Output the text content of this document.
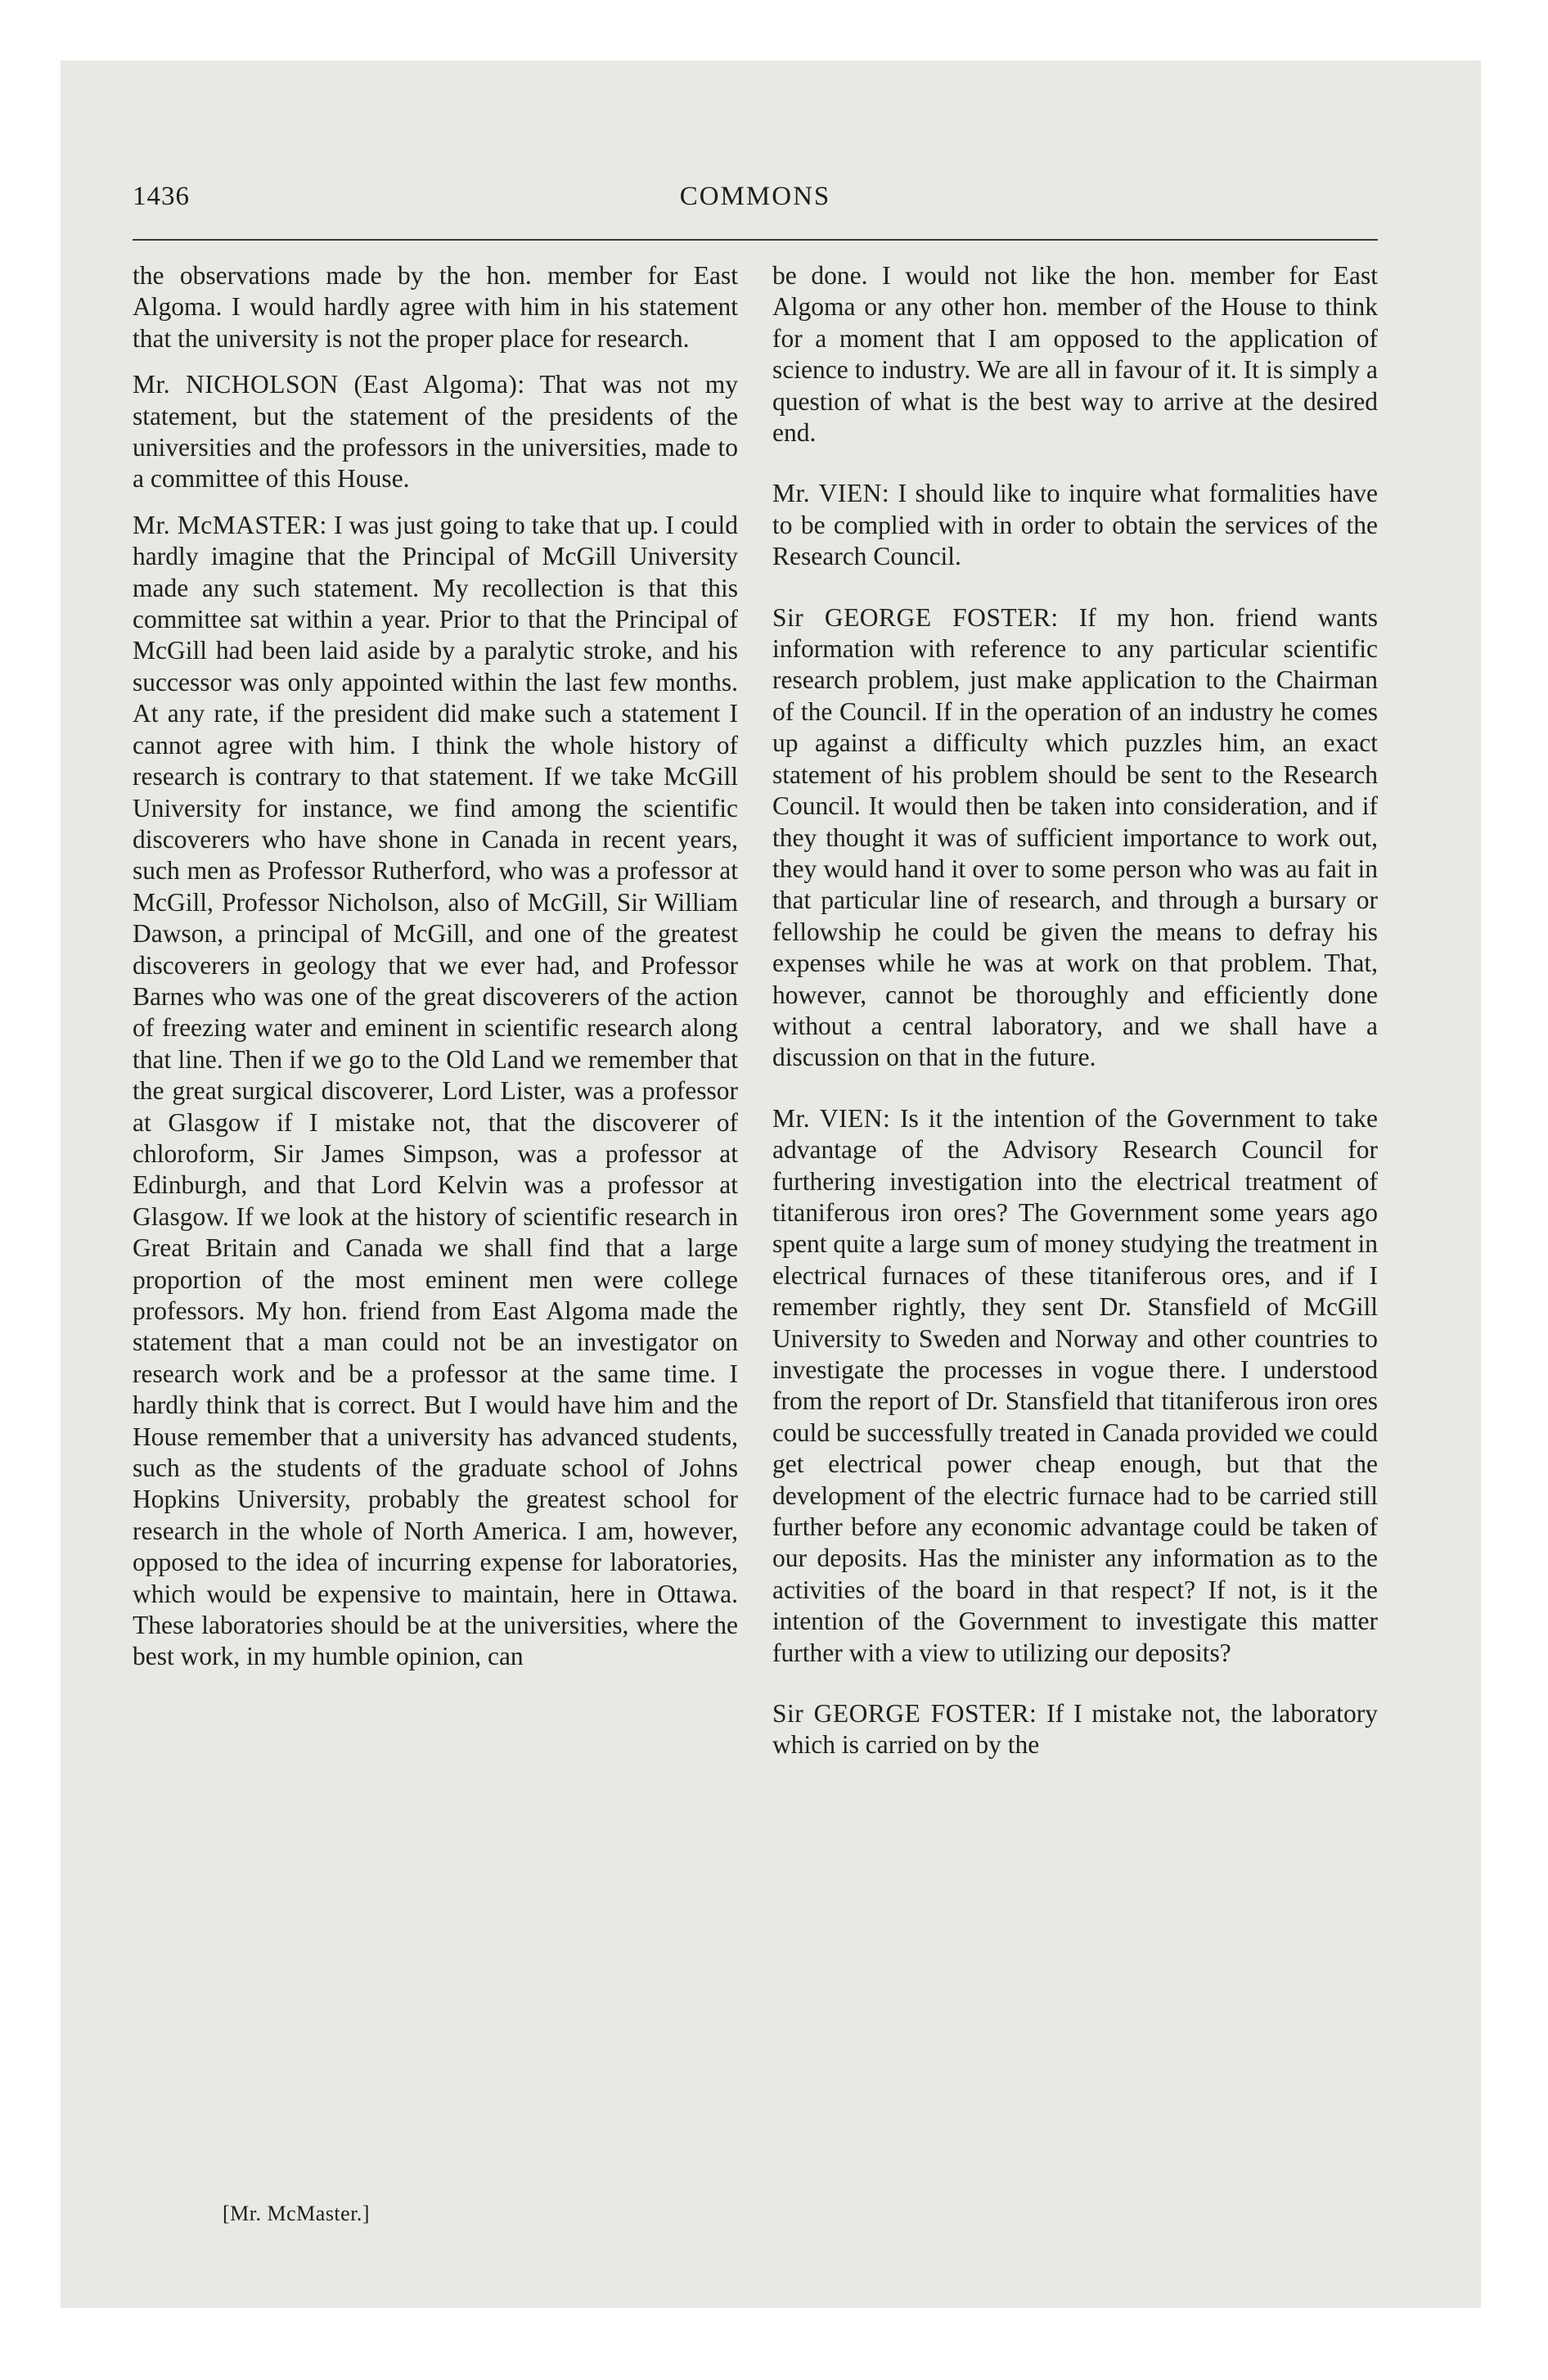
1436	COMMONS

the observations made by the hon. member for East Algoma. I would hardly agree with him in his statement that the university is not the proper place for research.

Mr. NICHOLSON (East Algoma): That was not my statement, but the statement of the presidents of the universities and the professors in the universities, made to a committee of this House.

Mr. McMASTER: I was just going to take that up. I could hardly imagine that the Principal of McGill University made any such statement. My recollection is that this committee sat within a year. Prior to that the Principal of McGill had been laid aside by a paralytic stroke, and his successor was only appointed within the last few months. At any rate, if the president did make such a statement I cannot agree with him. I think the whole history of research is contrary to that statement. If we take McGill University for instance, we find among the scientific discoverers who have shone in Canada in recent years, such men as Professor Rutherford, who was a professor at McGill, Professor Nicholson, also of McGill, Sir William Dawson, a principal of McGill, and one of the greatest discoverers in geology that we ever had, and Professor Barnes who was one of the great discoverers of the action of freezing water and eminent in scientific research along that line. Then if we go to the Old Land we remember that the great surgical discoverer, Lord Lister, was a professor at Glasgow if I mistake not, that the discoverer of chloroform, Sir James Simpson, was a professor at Edinburgh, and that Lord Kelvin was a professor at Glasgow. If we look at the history of scientific research in Great Britain and Canada we shall find that a large proportion of the most eminent men were college professors. My hon. friend from East Algoma made the statement that a man could not be an investigator on research work and be a professor at the same time. I hardly think that is correct. But I would have him and the House remember that a university has advanced students, such as the students of the graduate school of Johns Hopkins University, probably the greatest school for research in the whole of North America. I am, however, opposed to the idea of incurring expense for laboratories, which would be expensive to maintain, here in Ottawa. These laboratories should be at the universities, where the best work, in my humble opinion, can

be done. I would not like the hon. member for East Algoma or any other hon. member of the House to think for a moment that I am opposed to the application of science to industry. We are all in favour of it. It is simply a question of what is the best way to arrive at the desired end.

Mr. VIEN: I should like to inquire what formalities have to be complied with in order to obtain the services of the Research Council.

Sir GEORGE FOSTER: If my hon. friend wants information with reference to any particular scientific research problem, just make application to the Chairman of the Council. If in the operation of an industry he comes up against a difficulty which puzzles him, an exact statement of his problem should be sent to the Research Council. It would then be taken into consideration, and if they thought it was of sufficient importance to work out, they would hand it over to some person who was au fait in that particular line of research, and through a bursary or fellowship he could be given the means to defray his expenses while he was at work on that problem. That, however, cannot be thoroughly and efficiently done without a central laboratory, and we shall have a discussion on that in the future.

Mr. VIEN: Is it the intention of the Government to take advantage of the Advisory Research Council for furthering investigation into the electrical treatment of titaniferous iron ores? The Government some years ago spent quite a large sum of money studying the treatment in electrical furnaces of these titaniferous ores, and if I remember rightly, they sent Dr. Stansfield of McGill University to Sweden and Norway and other countries to investigate the processes in vogue there. I understood from the report of Dr. Stansfield that titaniferous iron ores could be successfully treated in Canada provided we could get electrical power cheap enough, but that the development of the electric furnace had to be carried still further before any economic advantage could be taken of our deposits. Has the minister any information as to the activities of the board in that respect? If not, is it the intention of the Government to investigate this matter further with a view to utilizing our deposits?

Sir GEORGE FOSTER: If I mistake not, the laboratory which is carried on by the

[Mr. McMaster.]
